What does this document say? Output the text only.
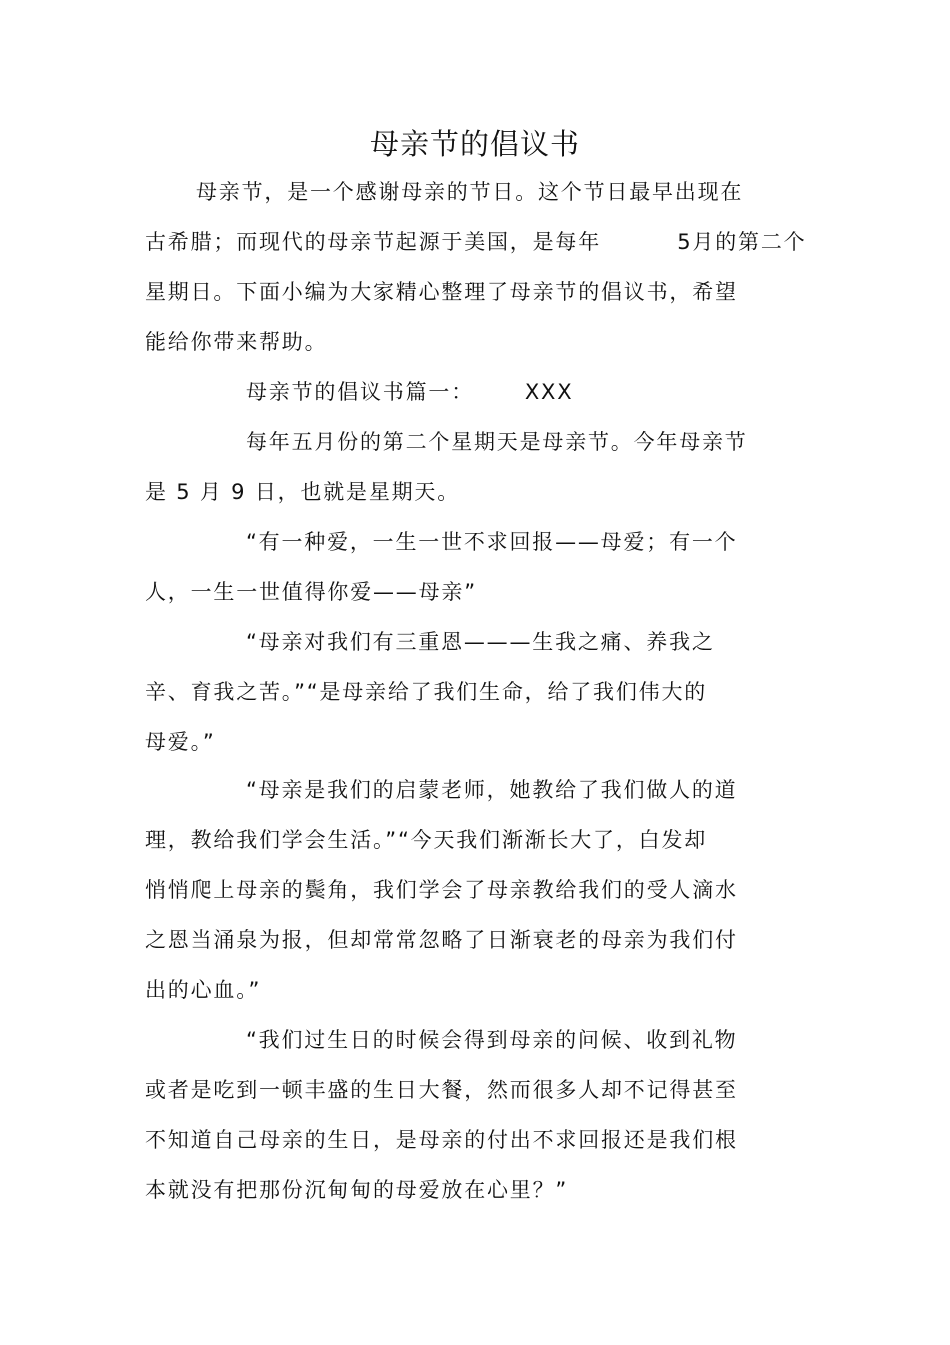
母亲节的倡议书
母亲节，是一个感谢母亲的节日。这个节日最早出现在
古希腊；而现代的母亲节起源于美国，是每年         5月的第二个
星期日。下面小编为大家精心整理了母亲节的倡议书，希望
能给你带来帮助。
母亲节的倡议书篇一：      XXX
每年五月份的第二个星期天是母亲节。今年母亲节
是 5 月 9 日，也就是星期天。
“有一种爱，一生一世不求回报——母爱；有一个
人，一生一世值得你爱——母亲”
“母亲对我们有三重恩———生我之痛、养我之
辛、育我之苦。”“是母亲给了我们生命，给了我们伟大的
母爱。”
“母亲是我们的启蒙老师，她教给了我们做人的道
理，教给我们学会生活。”“今天我们渐渐长大了，白发却
悄悄爬上母亲的鬓角，我们学会了母亲教给我们的受人滴水
之恩当涌泉为报，但却常常忽略了日渐衰老的母亲为我们付
出的心血。”
“我们过生日的时候会得到母亲的问候、收到礼物
或者是吃到一顿丰盛的生日大餐，然而很多人却不记得甚至
不知道自己母亲的生日，是母亲的付出不求回报还是我们根
本就没有把那份沉甸甸的母爱放在心里？”
